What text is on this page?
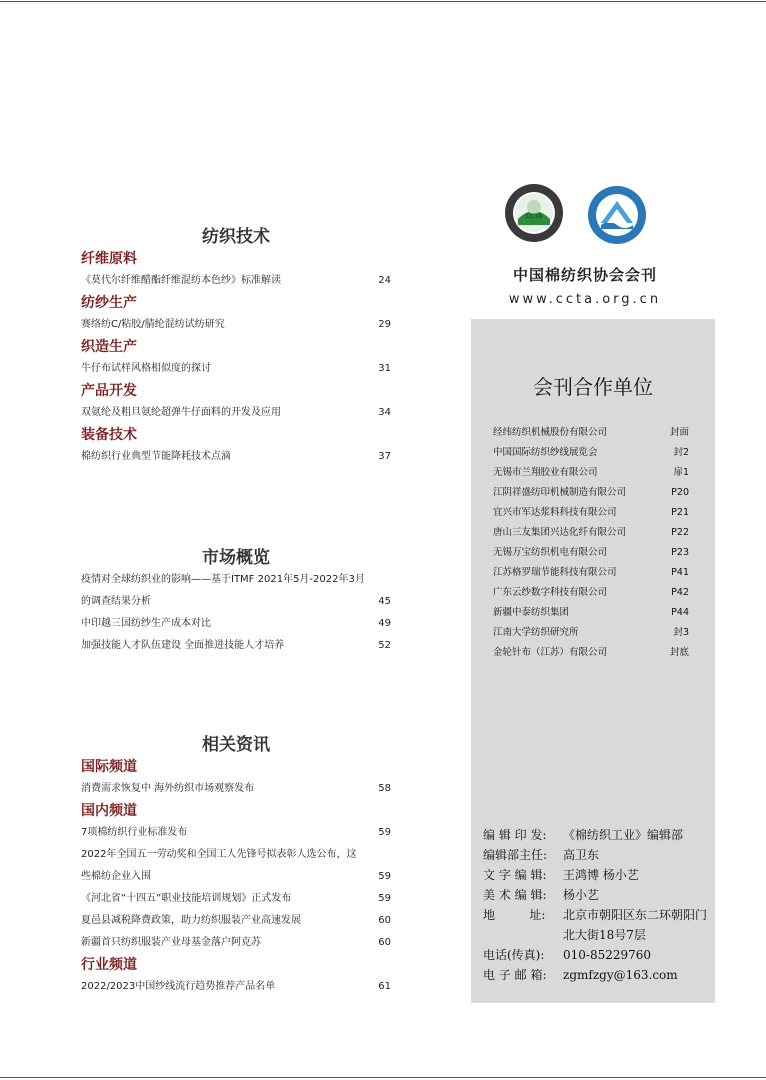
纺织技术
纤维原料
《莫代尔纤维醋酯纤维混纺本色纱》标准解读	24
纺纱生产
赛络纺C/粘胶/腈纶混纺试纺研究	29
织造生产
牛仔布试样风格相似度的探讨	31
产品开发
双氨纶及粗旦氨纶超弹牛仔面料的开发及应用	34
装备技术
棉纺织行业典型节能降耗技术点滴	37
市场概览
疫情对全球纺织业的影响——基于ITMF 2021年5月-2022年3月
的调查结果分析	45
中印越三国纺纱生产成本对比	49
加强技能人才队伍建设 全面推进技能人才培养	52
相关资讯
国际频道
消费需求恢复中 海外纺织市场观察发布	58
国内频道
7项棉纺织行业标准发布	59
2022年全国五一劳动奖和全国工人先锋号拟表彰人选公布，这
些棉纺企业入围	59
《河北省“十四五”职业技能培训规划》正式发布	59
夏邑县减税降费政策，助力纺织服装产业高速发展	60
新疆首只纺织服装产业母基金落户阿克苏	60
行业频道
2022/2023中国纱线流行趋势推荐产品名单	61
CCTA
中国棉纺织协会会刊
www.ccta.org.cn
会刊合作单位
经纬纺织机械股份有限公司	封面
中国国际纺织纱线展览会	封2
无锡市兰翔胶业有限公司	扉1
江阴祥盛纺印机械制造有限公司	P20
宜兴市军达浆料科技有限公司	P21
唐山三友集团兴达化纤有限公司	P22
无锡万宝纺织机电有限公司	P23
江苏格罗瑞节能科技有限公司	P41
广东云纱数字科技有限公司	P42
新疆中泰纺织集团	P44
江南大学纺织研究所	封3
金轮针布（江苏）有限公司	封底
编 辑 印 发:	《棉纺织工业》编辑部
编辑部主任:	高卫东
文 字 编 辑:	王鸿博 杨小艺
美 术 编 辑:	杨小艺
地         址:	北京市朝阳区东二环朝阳门北大街18号7层
电话(传真):	010-85229760
电 子 邮 箱:	zgmfzgy@163.com
